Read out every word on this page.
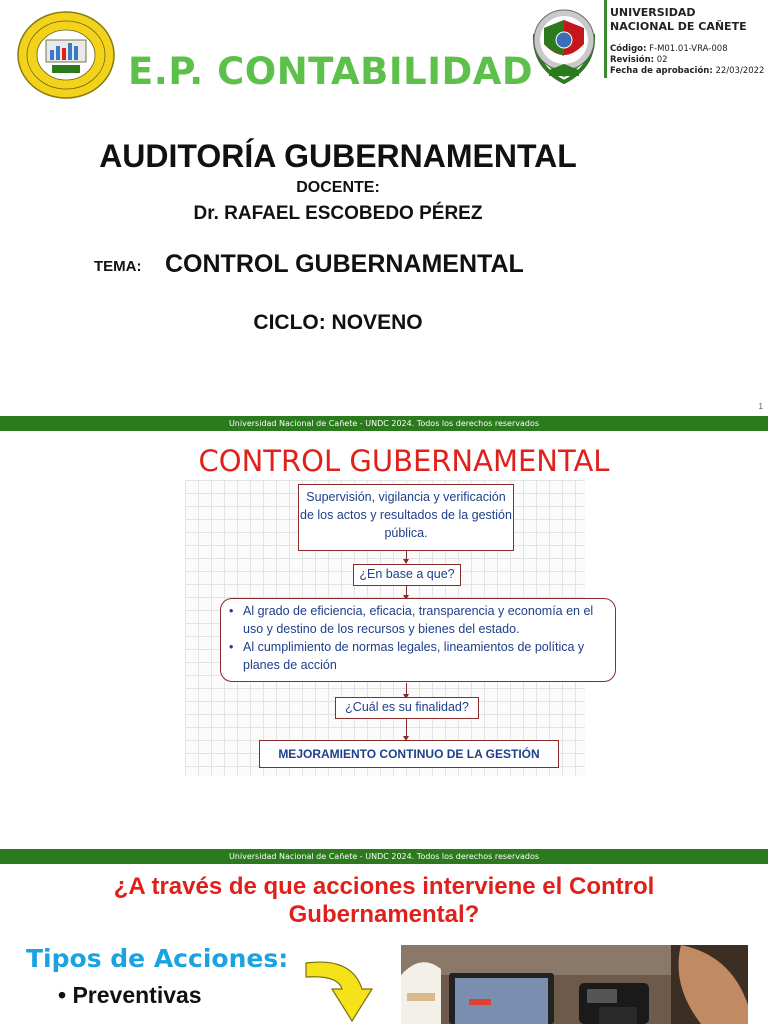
E.P. CONTABILIDAD
UNIVERSIDAD NACIONAL DE CAÑETE
Código: F-M01.01-VRA-008
Revisión: 02
Fecha de aprobación: 22/03/2022
AUDITORÍA GUBERNAMENTAL
DOCENTE:
Dr. RAFAEL ESCOBEDO PÉREZ
TEMA: CONTROL GUBERNAMENTAL
CICLO: NOVENO
1
Universidad Nacional de Cañete - UNDC 2024. Todos los derechos reservados
CONTROL GUBERNAMENTAL
Supervisión, vigilancia y verificación de los actos y resultados de la gestión pública.
¿En base a que?
• Al grado de eficiencia, eficacia, transparencia y economía en el uso y destino de los recursos y bienes del estado.
• Al cumplimiento de normas legales, lineamientos de política y planes de acción
¿Cuál es su finalidad?
MEJORAMIENTO CONTINUO DE LA GESTIÓN
Universidad Nacional de Cañete - UNDC 2024. Todos los derechos reservados
¿A través de que acciones interviene el Control
Gubernamental?
Tipos de Acciones:
• Preventivas
